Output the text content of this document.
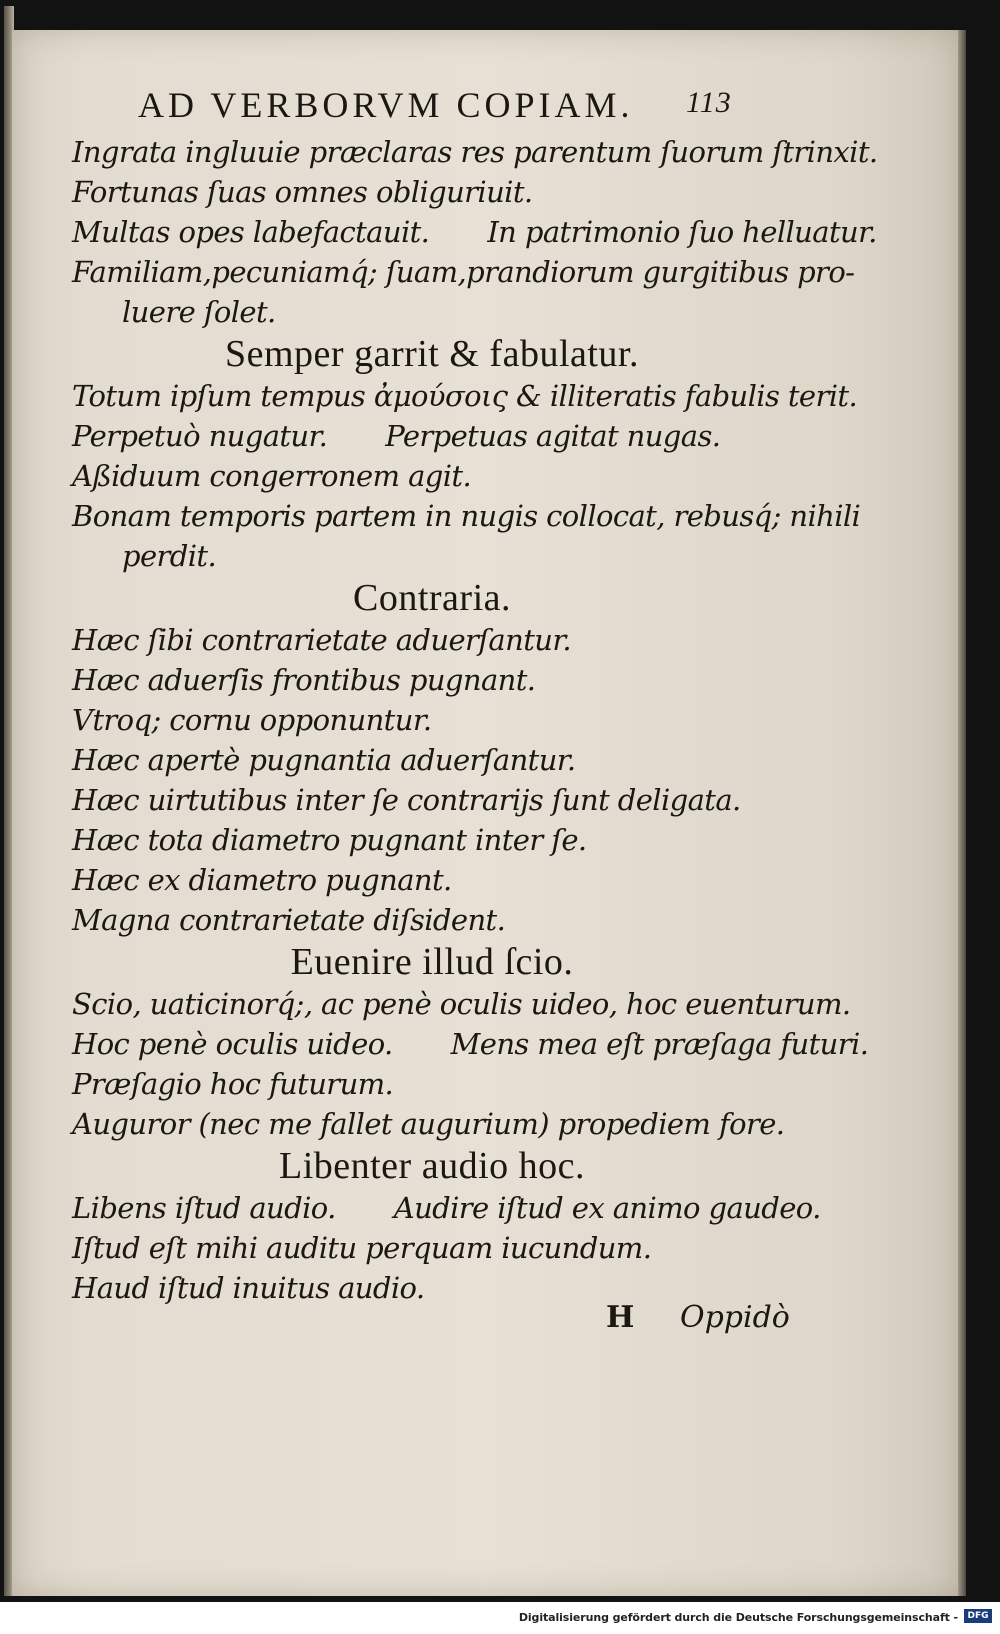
AD VERBORVM COPIAM. 113
Ingrata ingluuie præclaras res parentum ſuorum ſtrinxit.
Fortunas ſuas omnes obliguriuit.
Multas opes labefactauit. In patrimonio ſuo helluatur.
Familiam,pecuniamq́; ſuam,prandiorum gurgitibus pro-
luere ſolet.
Semper garrit & fabulatur.
Totum ipſum tempus ἀμούσοις & illiteratis fabulis terit.
Perpetuò nugatur. Perpetuas agitat nugas.
Aßiduum congerronem agit.
Bonam temporis partem in nugis collocat, rebusq́; nihili
perdit.
Contraria.
Hæc ſibi contrarietate aduerſantur.
Hæc aduerſis frontibus pugnant.
Vtroq; cornu opponuntur.
Hæc apertè pugnantia aduerſantur.
Hæc uirtutibus inter ſe contrarijs ſunt deligata.
Hæc tota diametro pugnant inter ſe.
Hæc ex diametro pugnant.
Magna contrarietate diſsident.
Euenire illud ſcio.
Scio, uaticinorq́;, ac penè oculis uideo, hoc euenturum.
Hoc penè oculis uideo. Mens mea eſt præſaga futuri.
Præſagio hoc futurum.
Auguror (nec me fallet augurium) propediem fore.
Libenter audio hoc.
Libens iſtud audio. Audire iſtud ex animo gaudeo.
Iſtud eſt mihi auditu perquam iucundum.
Haud iſtud inuitus audio.
H Oppidò
Digitalisierung gefördert durch die Deutsche Forschungsgemeinschaft -	DFG
